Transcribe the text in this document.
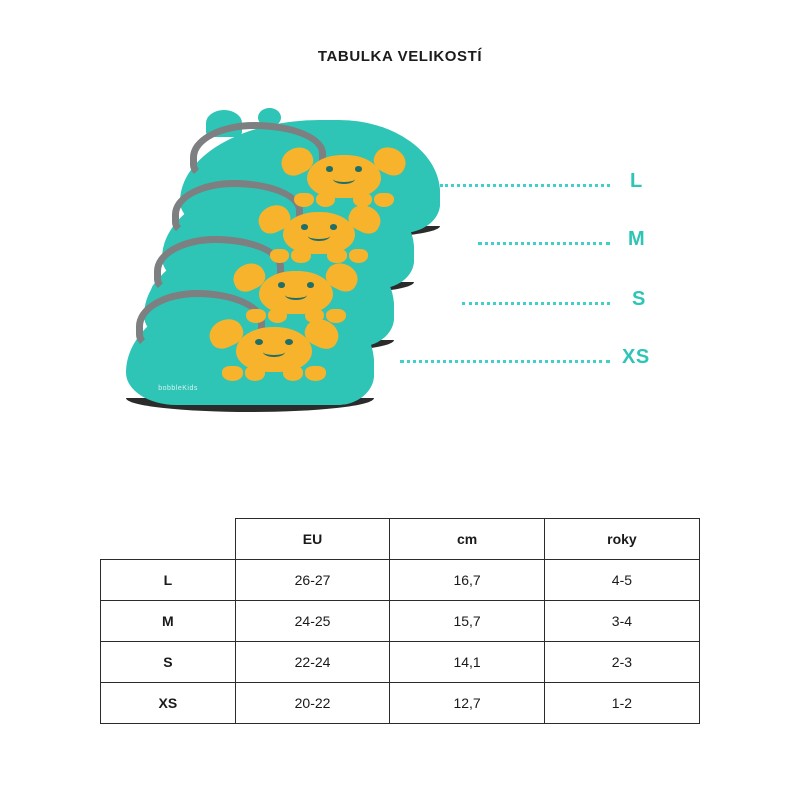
TABULKA VELIKOSTÍ
bobbleKids
L
M
S
XS
	EU	cm	roky
L	26-27	16,7	4-5
M	24-25	15,7	3-4
S	22-24	14,1	2-3
XS	20-22	12,7	1-2
